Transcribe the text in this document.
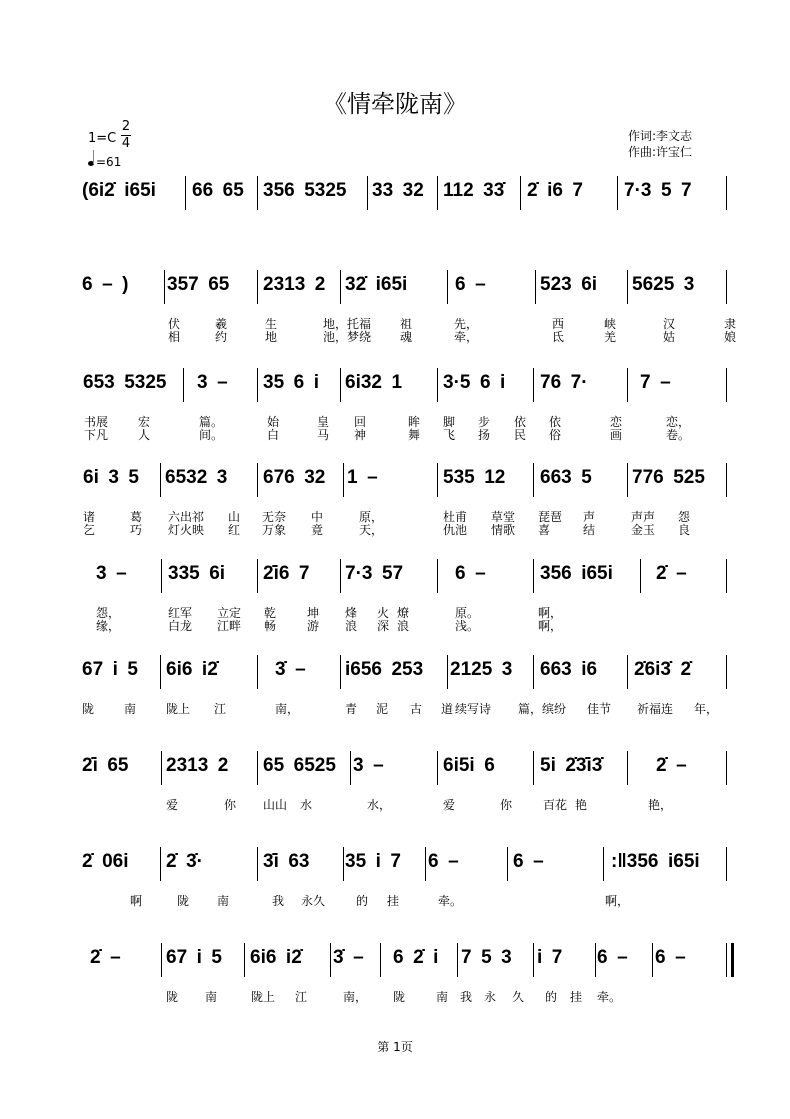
《情牵陇南》
1=C
2
4
=61
作词:李文志
作曲:许宝仁
(6i2̇ i65i 66 65 356 5325 33 32 112 33̇ 2̇ i6 7 7·3 5 7
6 – ) 357 65 2313 2 32̇ i65i	6 –	523 6i 5625 3
伏	羲	生	地，托福 祖	先，	西	峡	汉	隶
相	约	地	池，梦绕 魂	牵，	氐	羌	姑	娘
653 5325 3 – 35 6 i 6i32 1 3·5 6 i 76 7·	7 –
书展 宏	篇。	始	皇 回	眸 脚 步 依 依	恋	恋，
下凡 人	间。	白	马 神	舞 飞 扬 民 俗	画	卷。
6i 3 5 6532 3 676 32 1 –	535 12 663 5 776 525
诸	葛 六出祁 山 无奈 中	原，	杜甫 草堂 琵琶 声	声声 怨
乞	巧 灯火映 红 万象 竟	天，	仇池 情歌 喜	结	金玉 良
3 – 335 6i 2̇i6 7 7·3 57	6 –	356 i65i 2̇ –
怨，	红军 立定 乾	坤 烽 火 燎	原。	啊，
缘，	白龙 江畔 畅	游 浪 深 浪	浅。	啊，
67 i 5 6i6 i2̇	3̇ – i656 253 2125 3 663 i6 2̇6i3̇ 2̇
陇 南 陇上 江	南，	青 泥 古 道 续写诗 篇，缤纷 佳节 祈福连 年，
2̇i 65 2313 2 65 6525 3 –	6i5i 6 5i 2̇3̇i3̇	2̇ –
爱	你 山山 水	水，	爱	你	百花 艳	艳，
2̇ 06i 2̇ 3̇·	3̇i 63 35 i 7 6 –	6 –	:‖356 i65i
啊	陇 南	我 永久	的 挂	牵。	啊，
2̇ – 67 i 5 6i6 i2̇ 3̇ – 6 2̇ i 7 5 3 i 7 6 – 6 –
陇 南	陇上 江	南， 陇	南 我 永 久 的 挂 牵。
第 1页
